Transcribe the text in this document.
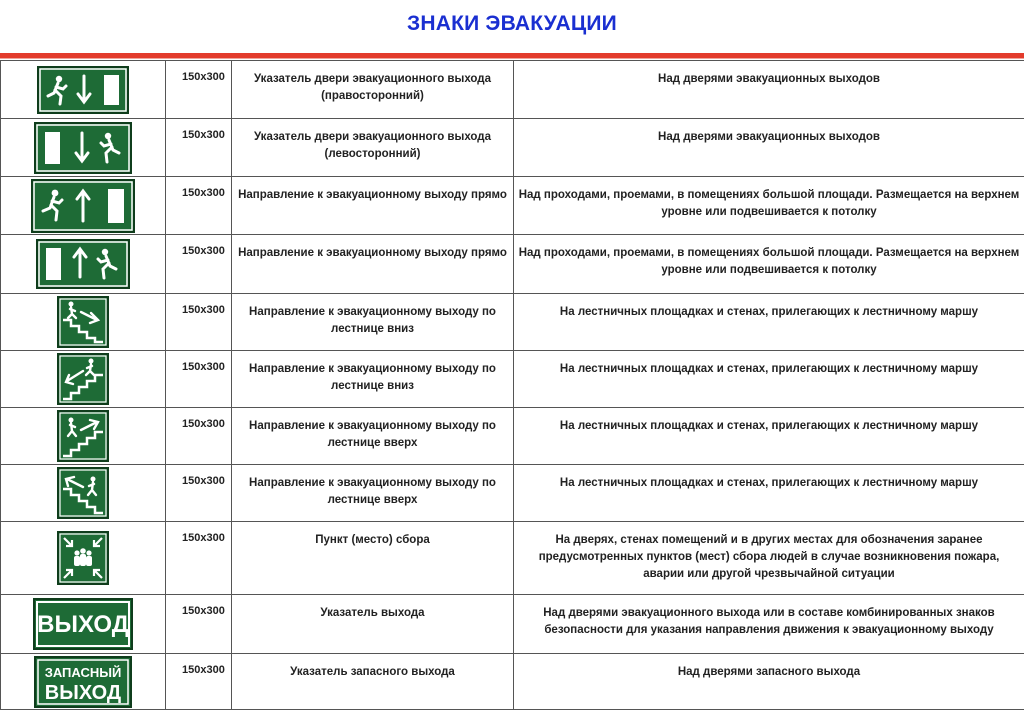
ЗНАКИ ЭВАКУАЦИИ
	150x300	Указатель двери эвакуационного выхода (правосторонний)	Над дверями эвакуационных выходов
	150x300	Указатель двери эвакуационного выхода (левосторонний)	Над дверями эвакуационных выходов
	150x300	Направление к эвакуационному выходу прямо	Над проходами, проемами, в помещениях большой площади. Размещается на верхнем уровне или подвешивается к потолку
	150x300	Направление к эвакуационному выходу прямо	Над проходами, проемами, в помещениях большой площади. Размещается на верхнем уровне или подвешивается к потолку
	150x300	Направление к эвакуационному выходу по лестнице вниз	На лестничных площадках и стенах, прилегающих к лестничному маршу
	150x300	Направление к эвакуационному выходу по лестнице вниз	На лестничных площадках и стенах, прилегающих к лестничному маршу
	150x300	Направление к эвакуационному выходу по лестнице вверх	На лестничных площадках и стенах, прилегающих к лестничному маршу
	150x300	Направление к эвакуационному выходу по лестнице вверх	На лестничных площадках и стенах, прилегающих к лестничному маршу
	150x300	Пункт (место) сбора	На дверях, стенах помещений и в других местах для обозначения заранее предусмотренных пунктов (мест) сбора людей в случае возникновения пожара, аварии или другой чрезвычайной ситуации

ВЫХОД	150x300	Указатель выхода	Над дверями эвакуационного выхода или в составе комбинированных знаков безопасности для указания направления движения к эвакуационному выходу

ЗАПАСНЫЙ
ВЫХОД	150x300	Указатель запасного выхода	Над дверями запасного выхода
